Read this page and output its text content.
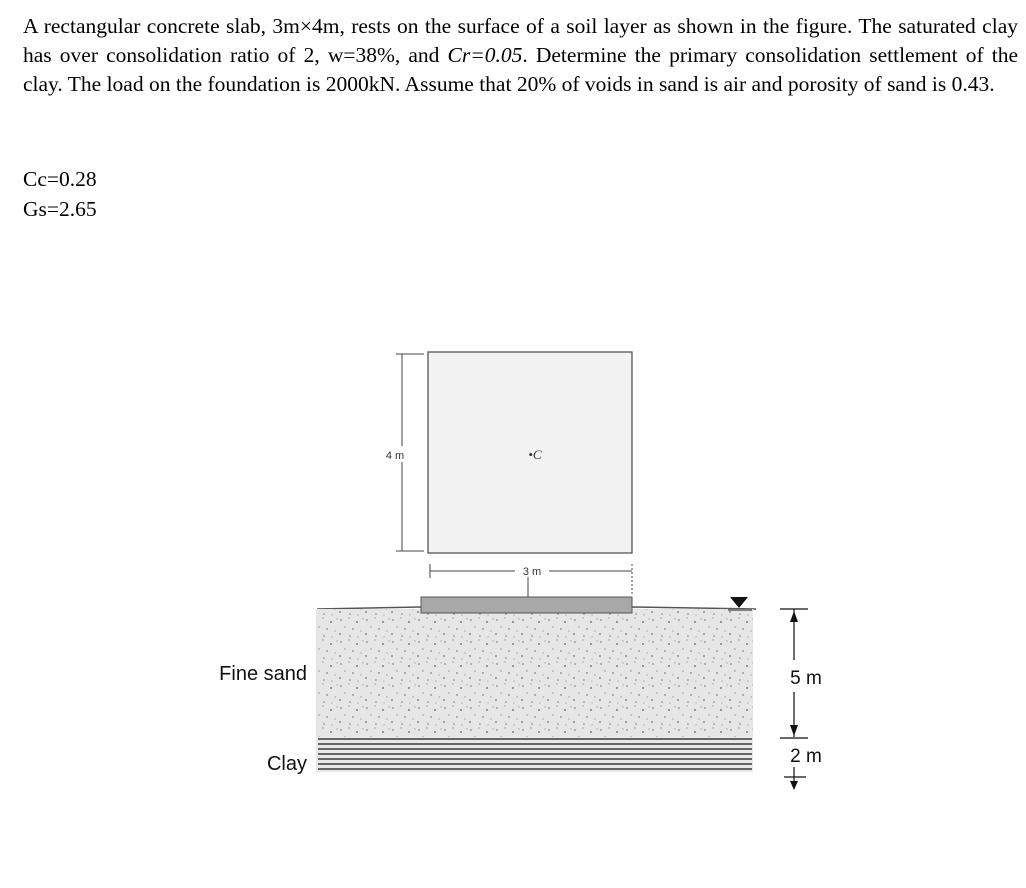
A rectangular concrete slab, 3m×4m, rests on the surface of a soil layer as shown in the figure. The saturated clay has over consolidation ratio of 2, w=38%, and Cr=0.05. Determine the primary consolidation settlement of the clay. The load on the foundation is 2000kN. Assume that 20% of voids in sand is air and porosity of sand is 0.43.

Cc=0.28
Gs=2.65
4 m	•C
3 m
Fine sand
Clay
5 m
2 m
